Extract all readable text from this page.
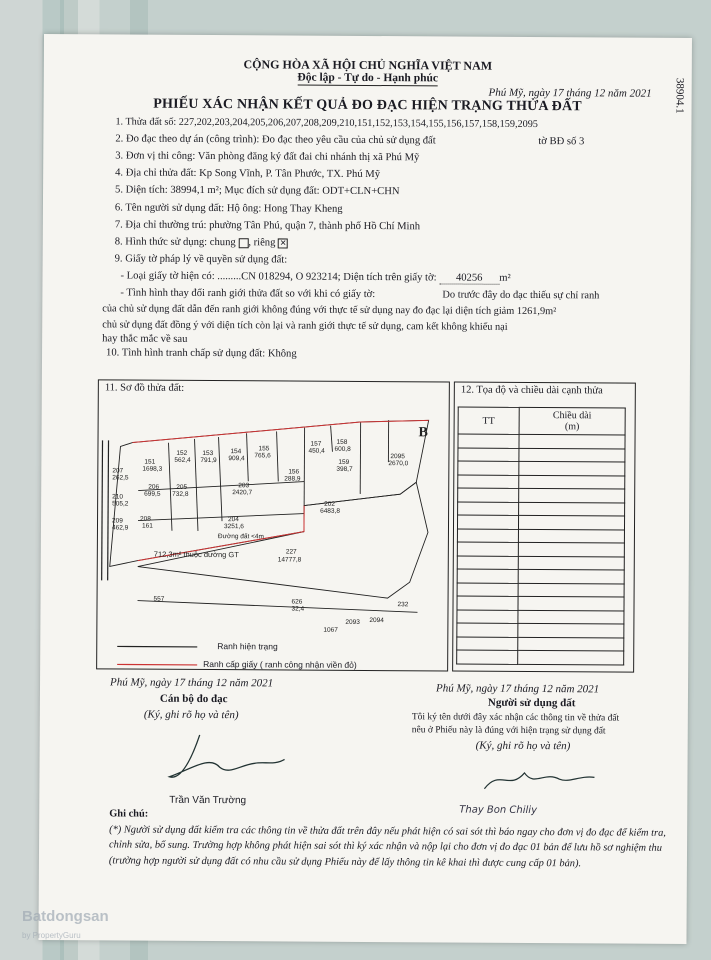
CỘNG HÒA XÃ HỘI CHỦ NGHĨA VIỆT NAM
Độc lập - Tự do - Hạnh phúc
Phú Mỹ, ngày 17 tháng 12 năm 2021
PHIẾU XÁC NHẬN KẾT QUẢ ĐO ĐẠC HIỆN TRẠNG THỬA ĐẤT	38904.1
1. Thửa đất số: 227,202,203,204,205,206,207,208,209,210,151,152,153,154,155,156,157,158,159,2095
2. Đo đạc theo dự án (công trình): Đo đạc theo yêu cầu của chủ sử dụng đất	tờ BĐ số 3
3. Đơn vị thi công: Văn phòng đăng ký đất đai chi nhánh thị xã Phú Mỹ
4. Địa chỉ thửa đất: Kp Song Vĩnh, P. Tân Phước, TX. Phú Mỹ
5. Diện tích: 38994,1 m²; Mục đích sử dụng đất: ODT+CLN+CHN
6. Tên người sử dụng đất: Hộ ông: Hong Thay Kheng
7. Địa chỉ thường trú: phường Tân Phú, quận 7, thành phố Hồ Chí Minh
8. Hình thức sử dụng: chung , riêng ✕
9. Giấy tờ pháp lý về quyền sử dụng đất:
- Loại giấy tờ hiện có: .........CN 018294, O 923214; Diện tích trên giấy tờ: 40256 m²
- Tình hình thay đổi ranh giới thửa đất so với khi có giấy tờ:	Do trước đây do đạc thiếu sự chỉ ranh
của chủ sử dụng đất dẫn đến ranh giới không đúng với thực tế sử dụng nay đo đạc lại diện tích giảm 1261,9m²
chủ sử dụng đất đồng ý với diện tích còn lại và ranh giới thực tế sử dụng, cam kết không khiếu nại
hay thắc mắc về sau
10. Tình hình tranh chấp sử dụng đất: Không
11. Sơ đồ thửa đất:
151
1698,3
152
562,4
153
791,9
154
909,4
155
765,6
157
450,4
158
600,8
159
398,7
2095
2670,0
156
288,9
207
262,5
210
505,2
206
699,5
205
732,8
203
2420,7
202
6483,8
209
462,9
208
161
204
3251,6
227
14777,8
626
32,4
557
1067
2093 2094
232
712,3m² thuộc đường GT
Đường đất <4m
B
Ranh hiện trạng
Ranh cấp giấy ( ranh công nhận viền đỏ)
12. Tọa độ và chiều dài cạnh thửa
TT	Chiều dài
(m)

Phú Mỹ, ngày 17 tháng 12 năm 2021
Cán bộ đo đạc
(Ký, ghi rõ họ và tên)
Trần Văn Trường
Phú Mỹ, ngày 17 tháng 12 năm 2021
Người sử dụng đất
Tôi ký tên dưới đây xác nhận các thông tin về thửa đất
nêu ở Phiếu này là đúng với hiện trạng sử dụng đất
(Ký, ghi rõ họ và tên)
Thay Bon Chiliy
Ghi chú:
(*) Người sử dụng đất kiểm tra các thông tin về thửa đất trên đây nếu phát hiện có sai sót thì báo ngay cho đơn vị đo đạc để kiểm tra, chỉnh sửa, bổ sung. Trường hợp không phát hiện sai sót thì ký xác nhận và nộp lại cho đơn vị đo đạc 01 bản để lưu hồ sơ nghiệm thu (trường hợp người sử dụng đất có nhu cầu sử dụng Phiếu này để lấy thông tin kê khai thì được cung cấp 01 bản).
Batdongsan
by PropertyGuru
